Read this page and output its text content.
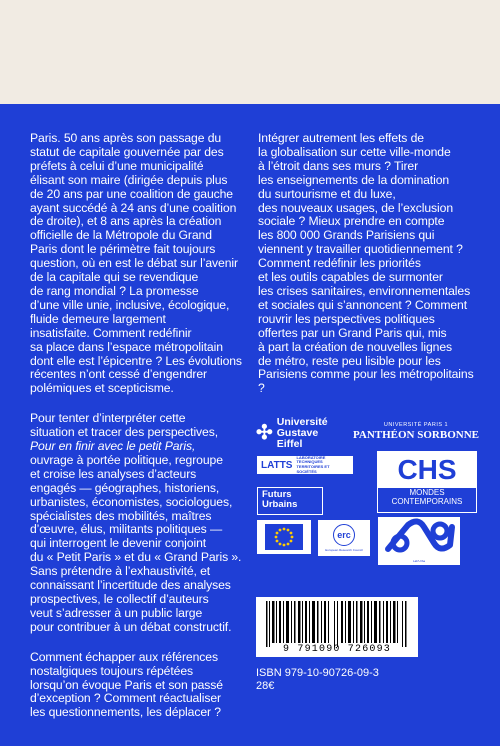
Paris. 50 ans après son passage du
statut de capitale gouvernée par des
préfets à celui d’une municipalité
élisant son maire (dirigée depuis plus
de 20 ans par une coalition de gauche
ayant succédé à 24 ans d’une coalition
de droite), et 8 ans après la création
officielle de la Métropole du Grand
Paris dont le périmètre fait toujours
question, où en est le débat sur l’avenir
de la capitale qui se revendique
de rang mondial ? La promesse
d’une ville unie, inclusive, écologique,
fluide demeure largement
insatisfaite. Comment redéfinir
sa place dans l’espace métropolitain
dont elle est l’épicentre ? Les évolutions
récentes n’ont cessé d’engendrer
polémiques et scepticisme.

Pour tenter d’interpréter cette
situation et tracer des perspectives,
Pour en finir avec le petit Paris,
ouvrage à portée politique, regroupe
et croise les analyses d’acteurs
engagés — géographes, historiens,
urbanistes, économistes, sociologues,
spécialistes des mobilités, maîtres
d’œuvre, élus, militants politiques —
qui interrogent le devenir conjoint
du « Petit Paris » et du « Grand Paris ».
Sans prétendre à l’exhaustivité, et
connaissant l’incertitude des analyses
prospectives, le collectif d’auteurs
veut s’adresser à un public large
pour contribuer à un débat constructif.

Comment échapper aux références
nostalgiques toujours répétées
lorsqu’on évoque Paris et son passé
d’exception ? Comment réactualiser
les questionnements, les déplacer ?

Intégrer autrement les effets de
la globalisation sur cette ville-monde
à l’étroit dans ses murs ? Tirer
les enseignements de la domination
du surtourisme et du luxe,
des nouveaux usages, de l’exclusion
sociale ? Mieux prendre en compte
les 800 000 Grands Parisiens qui
viennent y travailler quotidiennement ?
Comment redéfinir les priorités
et les outils capables de surmonter
les crises sanitaires, environnementales
et sociales qui s’annoncent ? Comment
rouvrir les perspectives politiques
offertes par un Grand Paris qui, mis
à part la création de nouvelles lignes
de métro, reste peu lisible pour les
Parisiens comme pour les métropolitains ?

✣
Université
Gustave Eiffel
UNIVERSITÉ PARIS 1
PANTHÉON SORBONNE
LATTS
LABORATOIRE TECHNIQUES
TERRITOIRES ET SOCIÉTÉS	CHS
MONDES
CONTEMPORAINS
Futurs
Urbains
erc
European Research Council
Lab'Urba
9 791090 726093
ISBN 979-10-90726-09-3
28€
